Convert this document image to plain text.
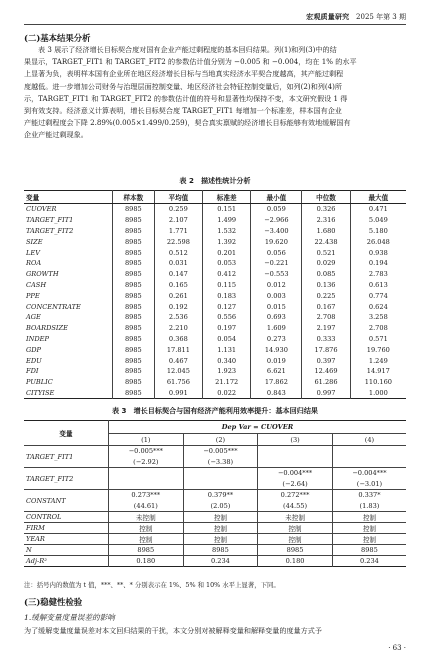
宏观质量研究 2025 年第 3 期
(二)基本结果分析
表 3 展示了经济增长目标契合度对国有企业产能过剩程度的基本回归结果。列(1)和列(3)中的结
果显示，TARGET_FIT1 和 TARGET_FIT2 的参数估计值分别为 −0.005 和 −0.004，均在 1% 的水平
上显著为负，表明样本国有企业所在地区经济增长目标与当地真实经济水平契合度越高，其产能过剩程
度越低。进一步增加公司财务与治理层面控制变量、地区经济社会特征控制变量后，如列(2)和列(4)所
示，TARGET_FIT1 和 TARGET_FIT2 的参数估计值的符号和显著性均保持不变，本文研究假设 1 得
到有效支持。经济意义计算表明，增长目标契合度 TARGET_FIT1 每增加一个标准差，样本国有企业
产能过剩程度会下降 2.89%(0.005×1.499/0.259)，契合真实禀赋的经济增长目标能够有效地缓解国有
企业产能过剩现象。
表 2　描述性统计分析
变量	样本数	平均值	标准差	最小值	中位数	最大值
CUOVER	8985	0.259	0.151	0.059	0.326	0.471
TARGET_FIT1	8985	2.107	1.499	−2.966	2.316	5.049
TARGET_FIT2	8985	1.771	1.532	−3.400	1.680	5.180
SIZE	8985	22.598	1.392	19.620	22.438	26.048
LEV	8985	0.512	0.201	0.056	0.521	0.938
ROA	8985	0.031	0.053	−0.221	0.029	0.194
GROWTH	8985	0.147	0.412	−0.553	0.085	2.783
CASH	8985	0.165	0.115	0.012	0.136	0.613
PPE	8985	0.261	0.183	0.003	0.225	0.774
CONCENTRATE	8985	0.192	0.127	0.015	0.167	0.624
AGE	8985	2.536	0.556	0.693	2.708	3.258
BOARDSIZE	8985	2.210	0.197	1.609	2.197	2.708
INDEP	8985	0.368	0.054	0.273	0.333	0.571
GDP	8985	17.811	1.131	14.930	17.876	19.760
EDU	8985	0.467	0.340	0.019	0.397	1.249
FDI	8985	12.045	1.923	6.621	12.469	14.917
PUBLIC	8985	61.756	21.172	17.862	61.286	110.160
CITYISE	8985	0.991	0.022	0.843	0.997	1.000
表 3　增长目标契合与国有经济产能利用效率提升：基本回归结果
变量	Dep Var = CUOVER			
	(1)	(2)	(3)	(4)
TARGET_FIT1	−0.005***	−0.005***		
	(−2.92)	(−3.38)		
TARGET_FIT2			−0.004***	−0.004***
			(−2.64)	(−3.01)
CONSTANT	0.273***	0.379**	0.272***	0.337*
	(44.61)	(2.05)	(44.55)	(1.83)
CONTROL	未控制	控制	未控制	控制
FIRM	控制	控制	控制	控制
YEAR	控制	控制	控制	控制
N	8985	8985	8985	8985
Adj-R²	0.180	0.234	0.180	0.234
注：括号内的数值为 t 值，***、**、* 分别表示在 1%、5% 和 10% 水平上显著，下同。
(三)稳健性检验
1.缓解变量度量误差的影响
为了缓解变量度量误差对本文回归结果的干扰，本文分别对被解释变量和解释变量的度量方式予
· 63 ·
